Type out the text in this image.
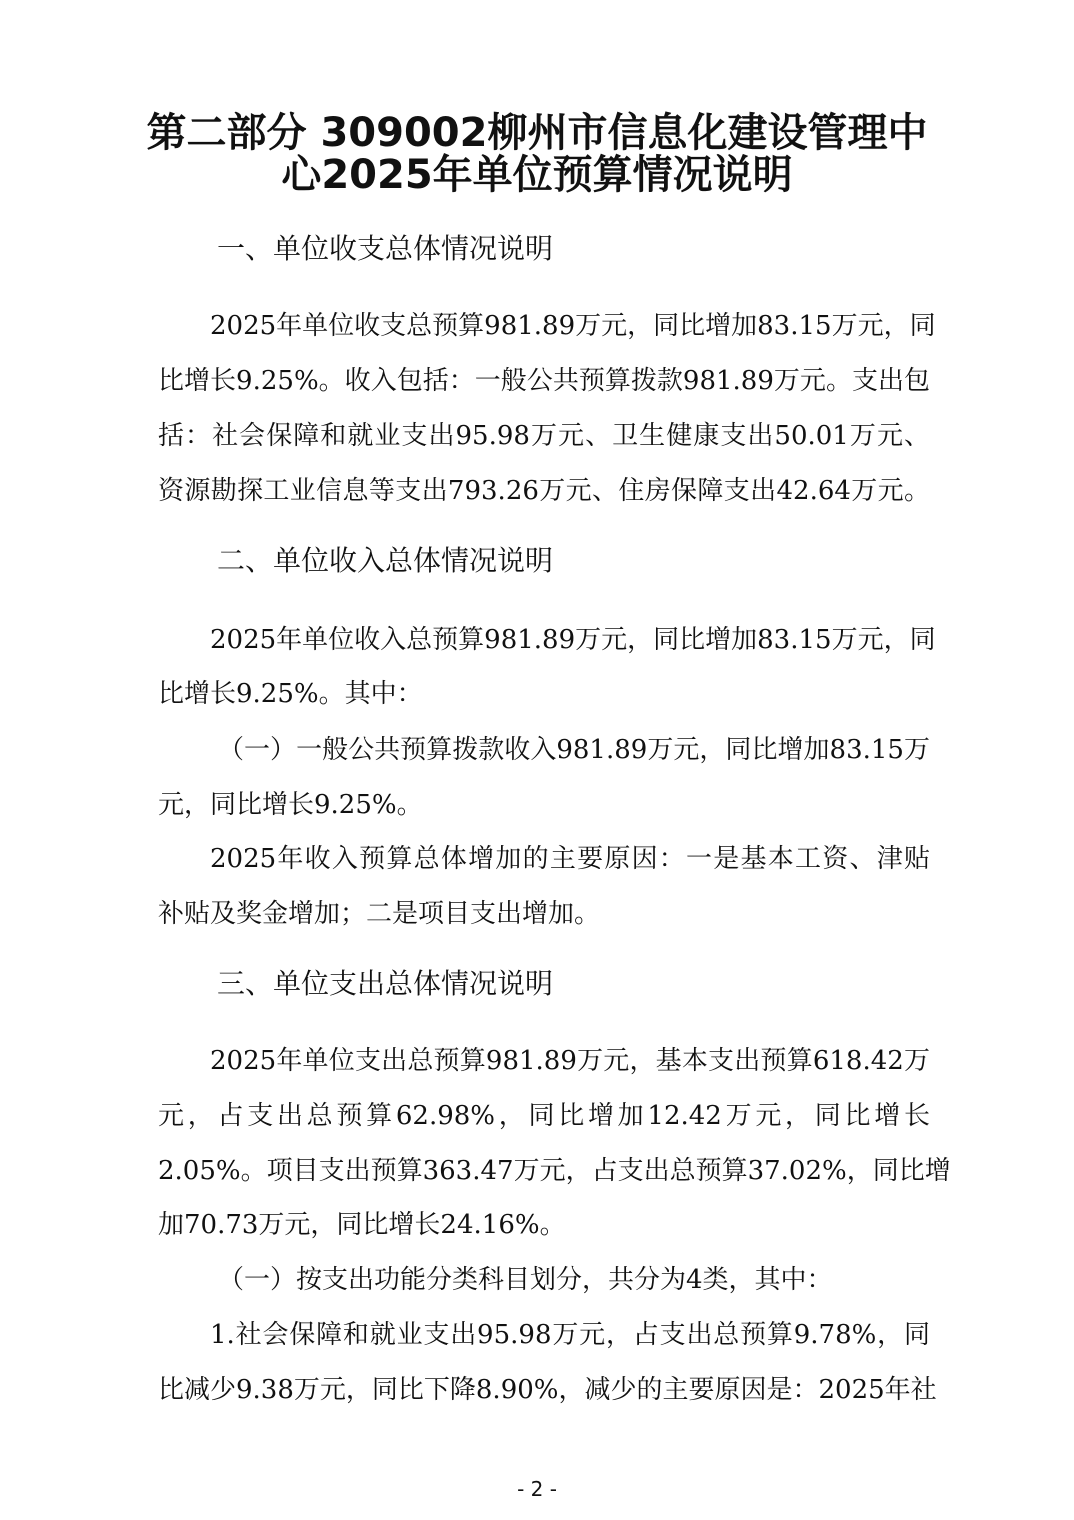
第二部分 309002柳州市信息化建设管理中
心2025年单位预算情况说明
一、单位收支总体情况说明
2025年单位收支总预算981.89万元，同比增加83.15万元，同
比增长9.25%。收入包括：一般公共预算拨款981.89万元。支出包
括：社会保障和就业支出95.98万元、卫生健康支出50.01万元、
资源勘探工业信息等支出793.26万元、住房保障支出42.64万元。
二、单位收入总体情况说明
2025年单位收入总预算981.89万元，同比增加83.15万元，同
比增长9.25%。其中：
（一）一般公共预算拨款收入981.89万元，同比增加83.15万
元，同比增长9.25%。
2025年收入预算总体增加的主要原因：一是基本工资、津贴
补贴及奖金增加；二是项目支出增加。
三、单位支出总体情况说明
2025年单位支出总预算981.89万元，基本支出预算618.42万
元，占支出总预算62.98%，同比增加12.42万元，同比增长
2.05%。项目支出预算363.47万元，占支出总预算37.02%，同比增
加70.73万元，同比增长24.16%。
（一）按支出功能分类科目划分，共分为4类，其中：
1.社会保障和就业支出95.98万元，占支出总预算9.78%，同
比减少9.38万元，同比下降8.90%，减少的主要原因是：2025年社
- 2 -
